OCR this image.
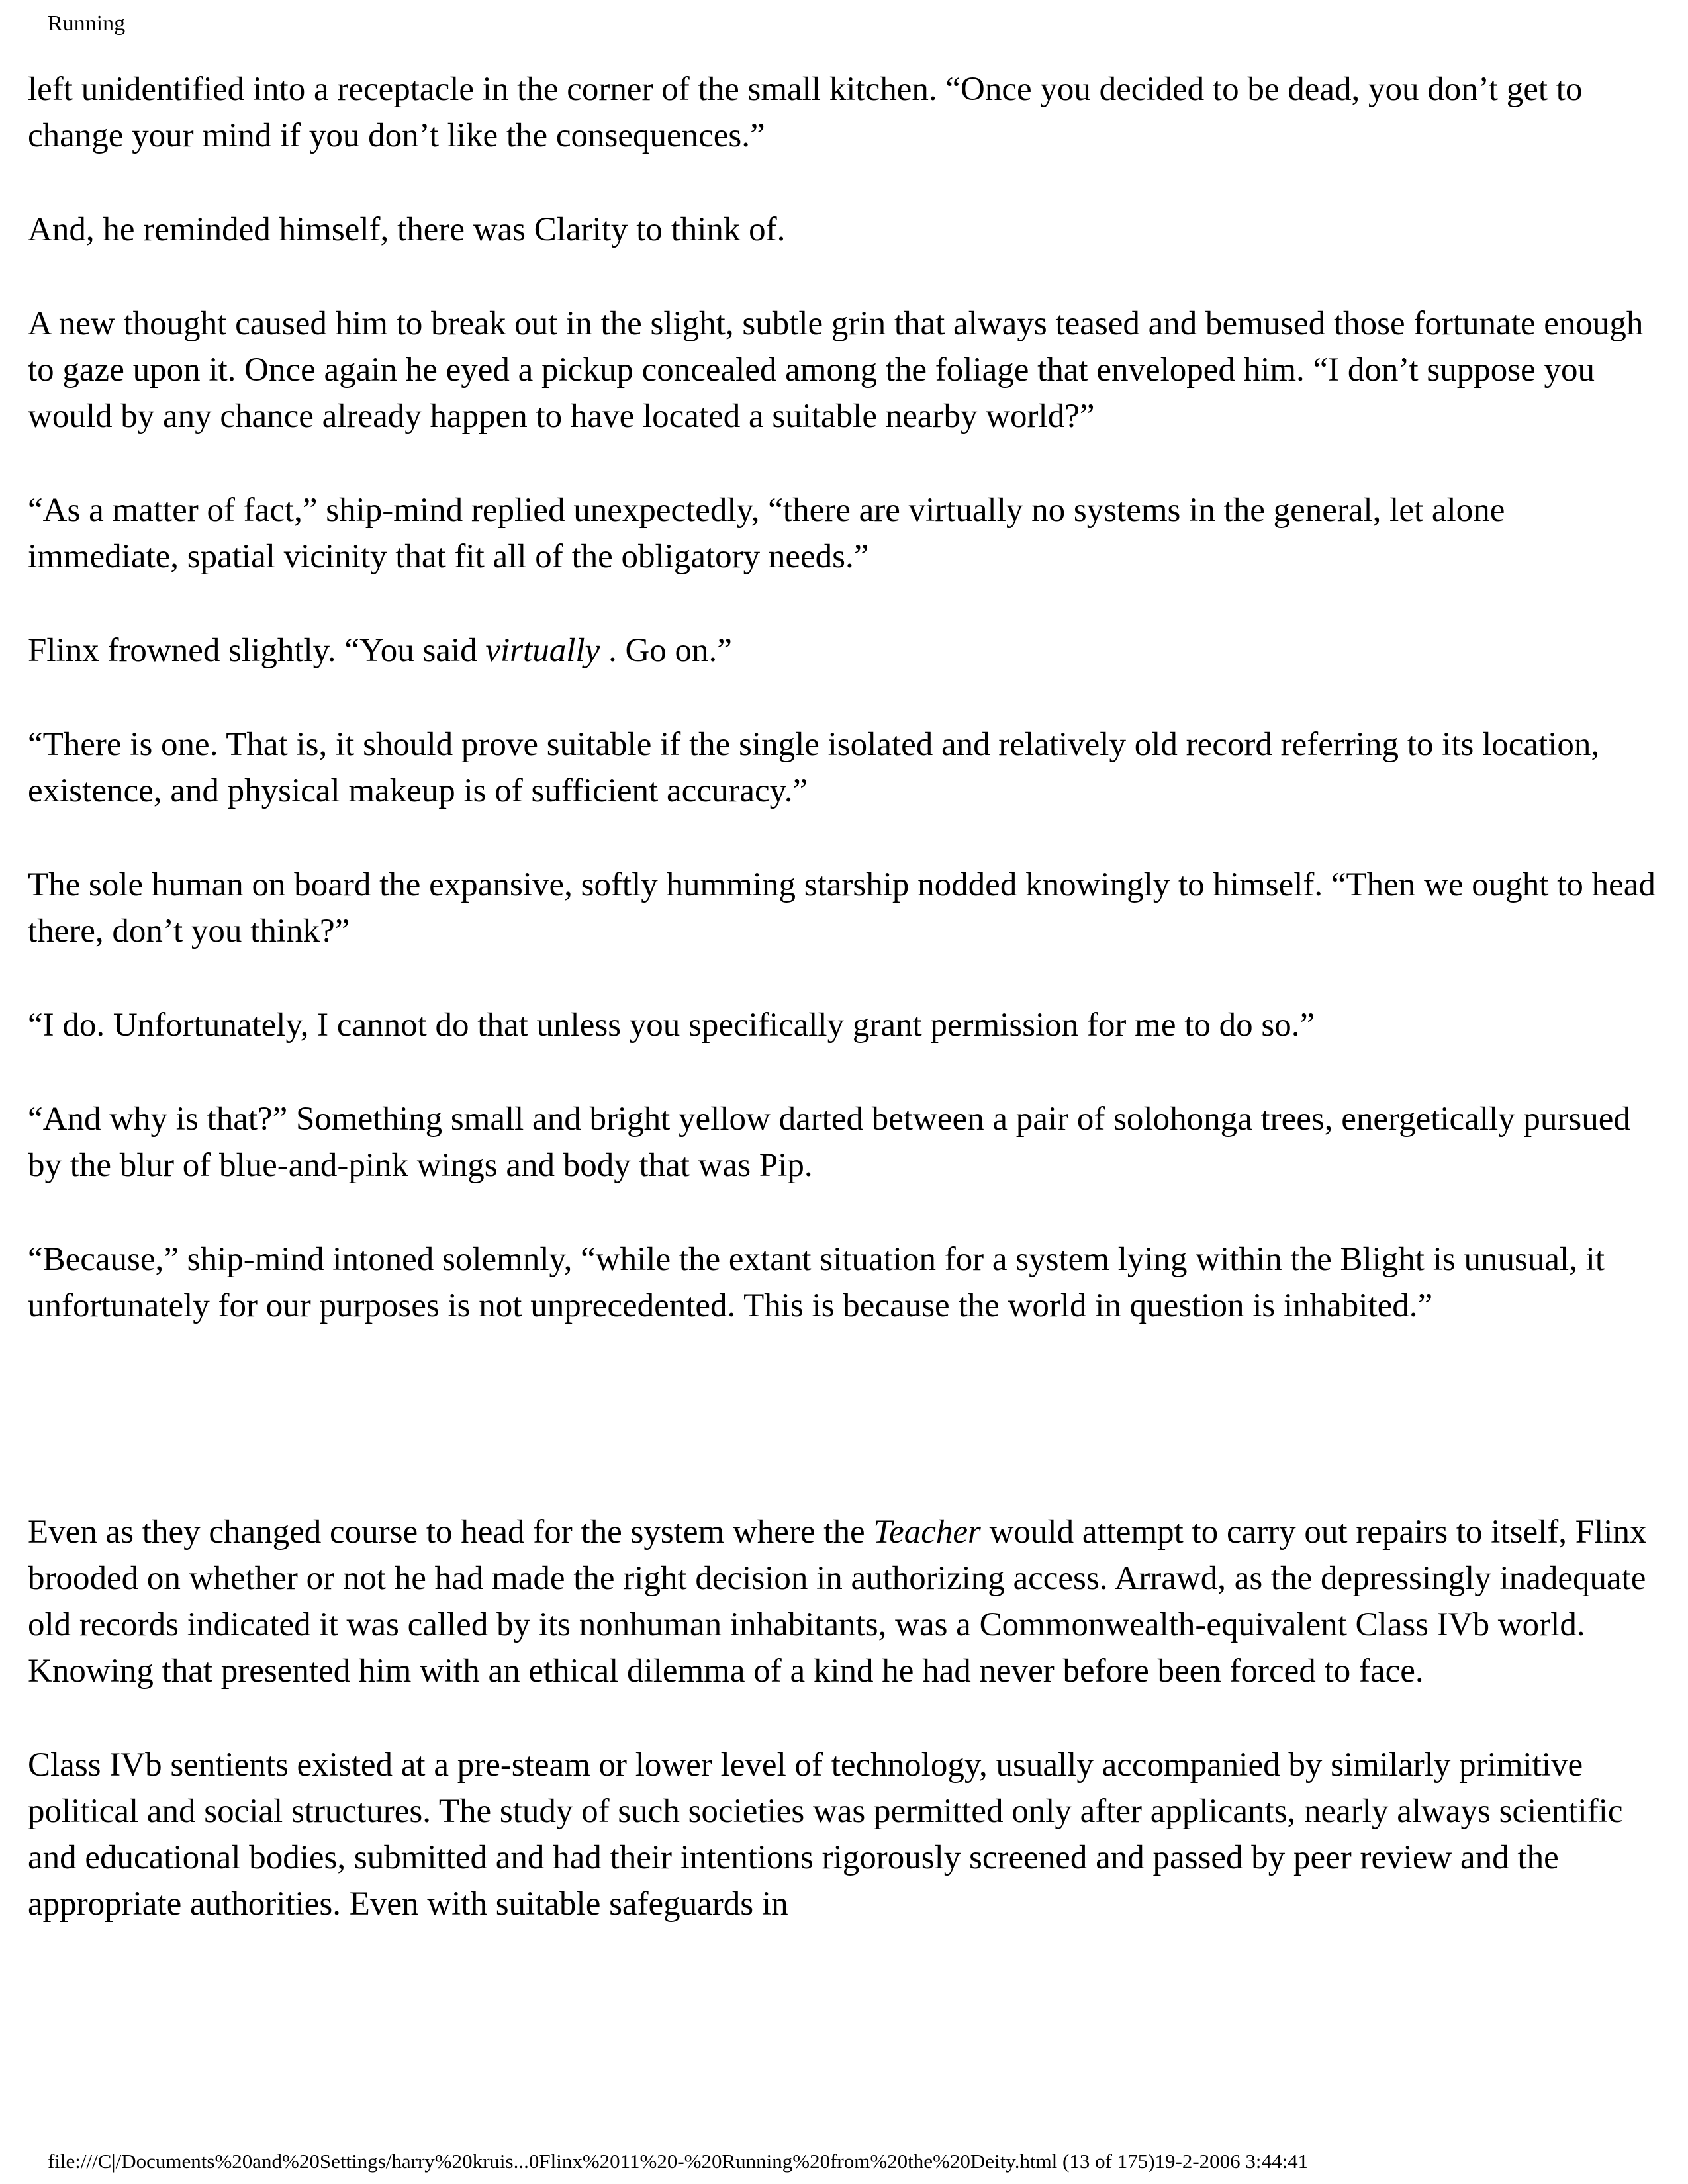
Running

left unidentified into a receptacle in the corner of the small kitchen. “Once you decided to be dead, you don’t get to change your mind if you don’t like the consequences.”

And, he reminded himself, there was Clarity to think of.

A new thought caused him to break out in the slight, subtle grin that always teased and bemused those fortunate enough to gaze upon it. Once again he eyed a pickup concealed among the foliage that enveloped him. “I don’t suppose you would by any chance already happen to have located a suitable nearby world?”

“As a matter of fact,” ship-mind replied unexpectedly, “there are virtually no systems in the general, let alone immediate, spatial vicinity that fit all of the obligatory needs.”

Flinx frowned slightly. “You said virtually . Go on.”

“There is one. That is, it should prove suitable if the single isolated and relatively old record referring to its location, existence, and physical makeup is of sufficient accuracy.”

The sole human on board the expansive, softly humming starship nodded knowingly to himself. “Then we ought to head there, don’t you think?”

“I do. Unfortunately, I cannot do that unless you specifically grant permission for me to do so.”

“And why is that?” Something small and bright yellow darted between a pair of solohonga trees, energetically pursued by the blur of blue-and-pink wings and body that was Pip.

“Because,” ship-mind intoned solemnly, “while the extant situation for a system lying within the Blight is unusual, it unfortunately for our purposes is not unprecedented. This is because the world in question is inhabited.”

Even as they changed course to head for the system where the Teacher would attempt to carry out repairs to itself, Flinx brooded on whether or not he had made the right decision in authorizing access. Arrawd, as the depressingly inadequate old records indicated it was called by its nonhuman inhabitants, was a Commonwealth-equivalent Class IVb world. Knowing that presented him with an ethical dilemma of a kind he had never before been forced to face.

Class IVb sentients existed at a pre-steam or lower level of technology, usually accompanied by similarly primitive political and social structures. The study of such societies was permitted only after applicants, nearly always scientific and educational bodies, submitted and had their intentions rigorously screened and passed by peer review and the appropriate authorities. Even with suitable safeguards in

file:///C|/Documents%20and%20Settings/harry%20kruis...0Flinx%2011%20-%20Running%20from%20the%20Deity.html (13 of 175)19-2-2006 3:44:41
